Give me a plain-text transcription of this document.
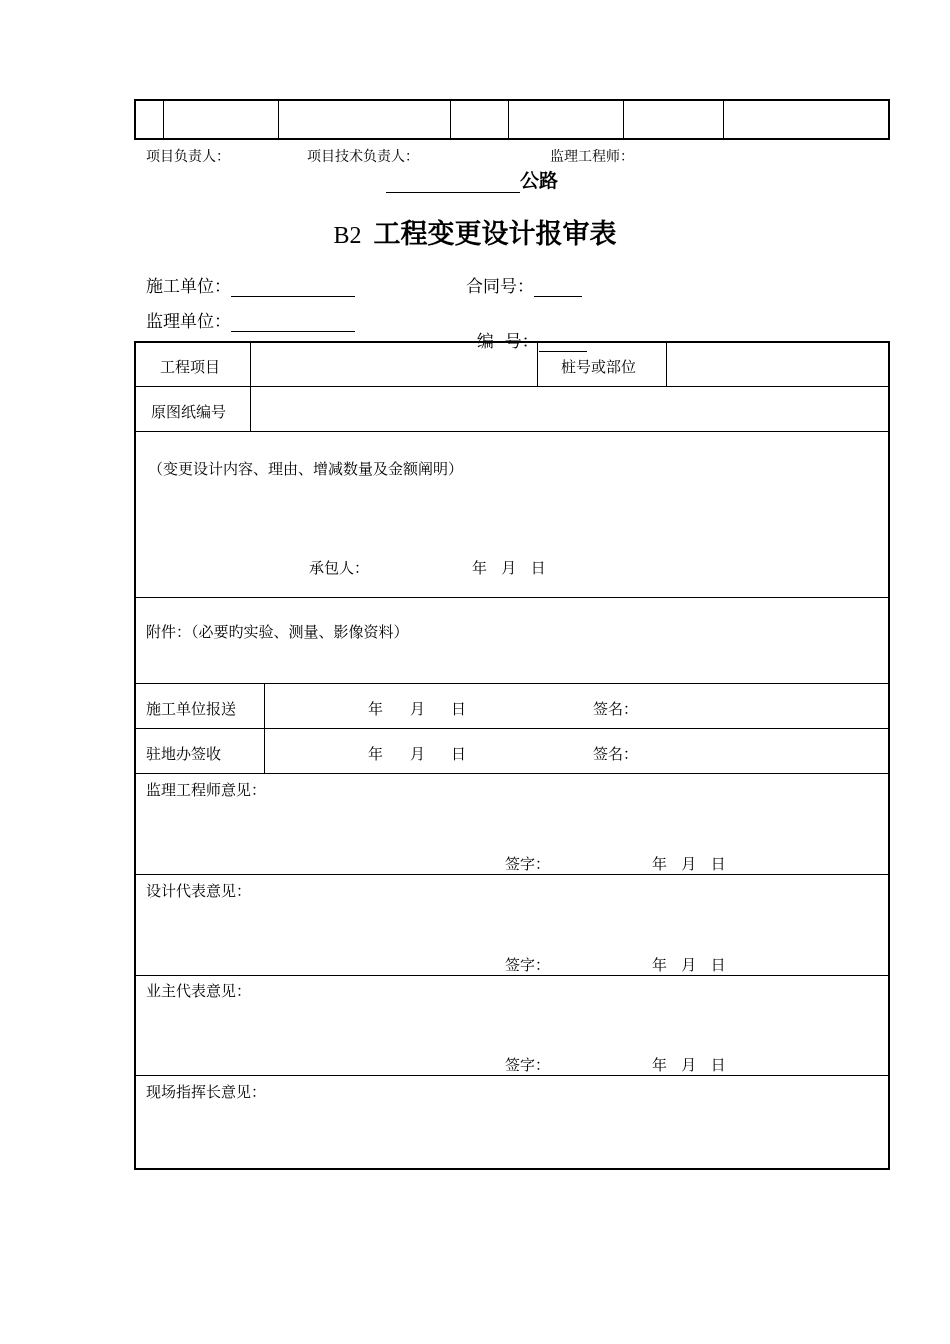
项目负责人：	项目技术负责人：	监理工程师：
公路
B2 工程变更设计报审表
施工单位：	合同号：
监理单位：

编  号：

工程项目	桩号或部位
原图纸编号
（变更设计内容、理由、增减数量及金额阐明）
承包人：	年   月   日
附件：（必要旳实验、测量、影像资料）
施工单位报送	年 月 日	签名：
驻地办签收	年 月 日	签名：
监理工程师意见：
签字：	年   月   日
设计代表意见：
签字：	年   月   日
业主代表意见：
签字：	年   月   日
现场指挥长意见：
